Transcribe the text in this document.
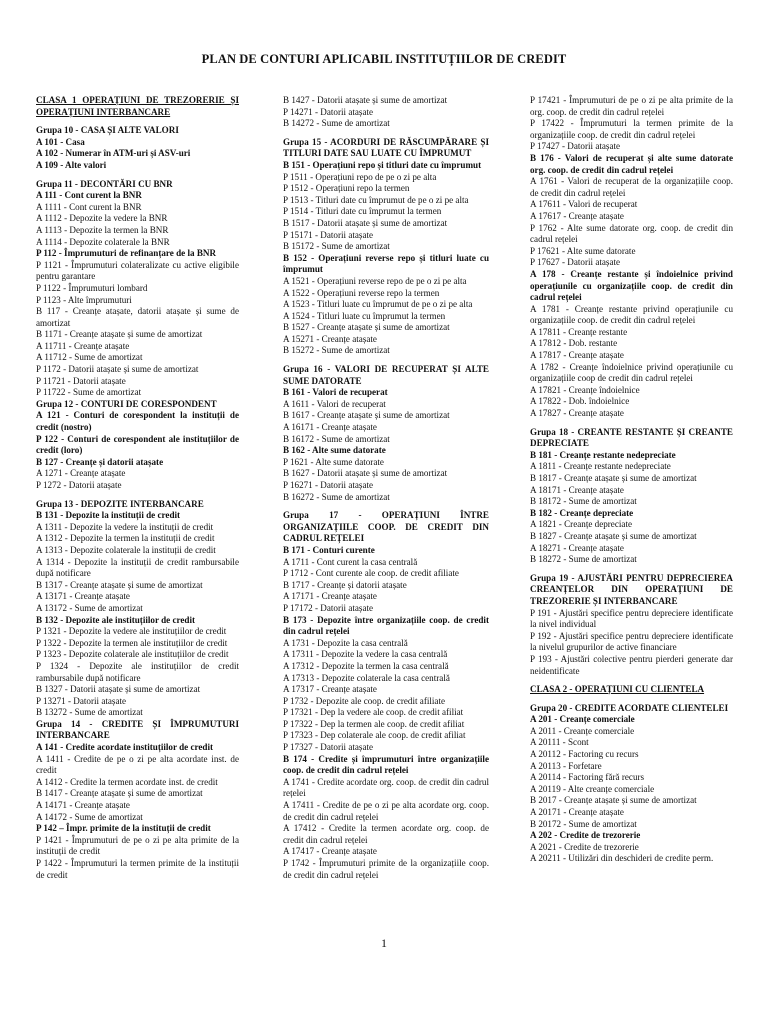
PLAN DE CONTURI APLICABIL INSTITUȚIILOR DE CREDIT
CLASA 1 OPERAȚIUNI DE TREZORERIE ȘI OPERAȚIUNI INTERBANCARE
Grupa 10 - CASA ȘI ALTE VALORI
A 101 - Casa
A 102 - Numerar în ATM-uri și ASV-uri
A 109 - Alte valori
Grupa 11 - DECONTĂRI CU BNR
A 111 - Cont curent la BNR
A 1111 - Cont curent la BNR
A 1112 - Depozite la vedere la BNR
A 1113 - Depozite la termen la BNR
A 1114 - Depozite colaterale la BNR
P 112 - Împrumuturi de refinanțare de la BNR
P 1121 - Împrumuturi colateralizate cu active eligibile pentru garantare
P 1122 - Împrumuturi lombard
P 1123 - Alte împrumuturi
B 117 - Creanțe atașate, datorii atașate și sume de amortizat
B 1171 - Creanțe atașate și sume de amortizat
A 11711 - Creanțe atașate
A 11712 - Sume de amortizat
P 1172 - Datorii atașate și sume de amortizat
P 11721 - Datorii atașate
P 11722 - Sume de amortizat
Grupa 12 - CONTURI DE CORESPONDENT
A 121 - Conturi de corespondent la instituții de credit (nostro)
P 122 - Conturi de corespondent ale instituțiilor de credit (loro)
B 127 - Creanțe și datorii atașate
A 1271 - Creanțe atașate
P 1272 - Datorii atașate
Grupa 13 - DEPOZITE INTERBANCARE
B 131 - Depozite la instituții de credit
A 1311 - Depozite la vedere la instituții de credit
A 1312 - Depozite la termen la instituții de credit
A 1313 - Depozite colaterale la instituții de credit
A 1314 - Depozite la instituții de credit rambursabile după notificare
B 1317 - Creanțe atașate și sume de amortizat
A 13171 - Creanțe atașate
A 13172 - Sume de amortizat
B 132 - Depozite ale instituțiilor de credit
P 1321 - Depozite la vedere ale instituțiilor de credit
P 1322 - Depozite la termen ale instituțiilor de credit
P 1323 - Depozite colaterale ale instituțiilor de credit
P 1324 - Depozite ale instituțiilor de credit rambursabile după notificare
B 1327 - Datorii atașate și sume de amortizat
P 13271 - Datorii atașate
B 13272 - Sume de amortizat
Grupa 14 - CREDITE ȘI ÎMPRUMUTURI INTERBANCARE
A 141 - Credite acordate instituțiilor de credit
A 1411 - Credite de pe o zi pe alta acordate inst. de credit
A 1412 - Credite la termen acordate inst. de credit
B 1417 - Creanțe atașate și sume de amortizat
A 14171 - Creanțe atașate
A 14172 - Sume de amortizat
P 142 – Împr. primite de la instituții de credit
P 1421 - Împrumuturi de pe o zi pe alta primite de la instituții de credit
P 1422 - Împrumuturi la termen primite de la instituții de credit
B 1427 - Datorii atașate și sume de amortizat
P 14271 - Datorii atașate
B 14272 - Sume de amortizat
Grupa 15 - ACORDURI DE RĂSCUMPĂRARE ȘI TITLURI DATE SAU LUATE CU ÎMPRUMUT
B 151 - Operațiuni repo și titluri date cu împrumut
P 1511 - Operațiuni repo de pe o zi pe alta
P 1512 - Operațiuni repo la termen
P 1513 - Titluri date cu împrumut de pe o zi pe alta
P 1514 - Titluri date cu împrumut la termen
B 1517 - Datorii atașate și sume de amortizat
P 15171 - Datorii atașate
B 15172 - Sume de amortizat
B 152 - Operațiuni reverse repo și titluri luate cu împrumut
A 1521 - Operațiuni reverse repo de pe o zi pe alta
A 1522 - Operațiuni reverse repo la termen
A 1523 - Titluri luate cu împrumut de pe o zi pe alta
A 1524 - Titluri luate cu împrumut la termen
B 1527 - Creanțe atașate și sume de amortizat
A 15271 - Creanțe atașate
B 15272 - Sume de amortizat
Grupa 16 - VALORI DE RECUPERAT ȘI ALTE SUME DATORATE
B 161 - Valori de recuperat
A 1611 - Valori de recuperat
B 1617 - Creanțe atașate și sume de amortizat
A 16171 - Creanțe atașate
B 16172 - Sume de amortizat
B 162 - Alte sume datorate
P 1621 - Alte sume datorate
B 1627 - Datorii atașate și sume de amortizat
P 16271 - Datorii atașate
B 16272 - Sume de amortizat
Grupa 17 - OPERAȚIUNI ÎNTRE ORGANIZAȚIILE COOP. DE CREDIT DIN CADRUL REȚELEI
B 171 - Conturi curente
A 1711 - Cont curent la casa centrală
P 1712 - Cont curente ale coop. de credit afiliate
B 1717 - Creanțe și datorii atașate
A 17171 - Creanțe atașate
P 17172 - Datorii atașate
B 173 - Depozite între organizațiile coop. de credit din cadrul rețelei
A 1731 - Depozite la casa centrală
A 17311 - Depozite la vedere la casa centrală
A 17312 - Depozite la termen la casa centrală
A 17313 - Depozite colaterale la casa centrală
A 17317 - Creanțe atașate
P 1732 - Depozite ale coop. de credit afiliate
P 17321 - Dep la vedere ale coop. de credit afiliat
P 17322 - Dep la termen ale coop. de credit afiliat
P 17323 - Dep colaterale ale coop. de credit afiliat
P 17327 - Datorii atașate
B 174 - Credite și împrumuturi între organizațiile coop. de credit din cadrul rețelei
A 1741 - Credite acordate org. coop. de credit din cadrul rețelei
A 17411 - Credite de pe o zi pe alta acordate org. coop. de credit din cadrul rețelei
A 17412 - Credite la termen acordate org. coop. de credit din cadrul rețelei
A 17417 - Creanțe atașate
P 1742 - Împrumuturi primite de la organizațiile coop. de credit din cadrul rețelei
P 17421 - Împrumuturi de pe o zi pe alta primite de la org. coop. de credit din cadrul rețelei
P 17422 - Împrumuturi la termen primite de la organizațiile coop. de credit din cadrul rețelei
P 17427 - Datorii atașate
B 176 - Valori de recuperat și alte sume datorate org. coop. de credit din cadrul rețelei
A 1761 - Valori de recuperat de la organizațiile coop. de credit din cadrul rețelei
A 17611 - Valori de recuperat
A 17617 - Creanțe atașate
P 1762 - Alte sume datorate org. coop. de credit din cadrul rețelei
P 17621 - Alte sume datorate
P 17627 - Datorii atașate
A 178 - Creanțe restante și îndoielnice privind operațiunile cu organizațiile coop. de credit din cadrul rețelei
A 1781 - Creanțe restante privind operațiunile cu organizațiile coop. de credit din cadrul rețelei
A 17811 - Creanțe restante
A 17812 - Dob. restante
A 17817 - Creanțe atașate
A 1782 - Creanțe îndoielnice privind operațiunile cu organizațiile coop de credit din cadrul rețelei
A 17821 - Creanțe îndoielnice
A 17822 - Dob. îndoielnice
A 17827 - Creanțe atașate
Grupa 18 - CREANTE RESTANTE ȘI CREANTE DEPRECIATE
B 181 - Creanțe restante nedepreciate
A 1811 - Creanțe restante nedepreciate
B 1817 - Creanțe atașate și sume de amortizat
A 18171 - Creanțe atașate
B 18172 - Sume de amortizat
B 182 - Creanțe depreciate
A 1821 - Creanțe depreciate
B 1827 - Creanțe atașate și sume de amortizat
A 18271 - Creanțe atașate
B 18272 - Sume de amortizat
Grupa 19 - AJUSTĂRI PENTRU DEPRECIEREA CREANȚELOR DIN OPERAȚIUNI DE TREZORERIE ȘI INTERBANCARE
P 191 - Ajustări specifice pentru depreciere identificate la nivel individual
P 192 - Ajustări specifice pentru depreciere identificate la nivelul grupurilor de active financiare
P 193 - Ajustări colective pentru pierderi generate dar neidentificate
CLASA 2 - OPERAȚIUNI CU CLIENTELA
Grupa 20 - CREDITE ACORDATE CLIENTELEI
A 201 - Creanțe comerciale
A 2011 - Creanțe comerciale
A 20111 - Scont
A 20112 - Factoring cu recurs
A 20113 - Forfetare
A 20114 - Factoring fără recurs
A 20119 - Alte creanțe comerciale
B 2017 - Creanțe atașate și sume de amortizat
A 20171 - Creanțe atașate
B 20172 - Sume de amortizat
A 202 - Credite de trezorerie
A 2021 - Credite de trezorerie
A 20211 - Utilizări din deschideri de credite perm.
1
